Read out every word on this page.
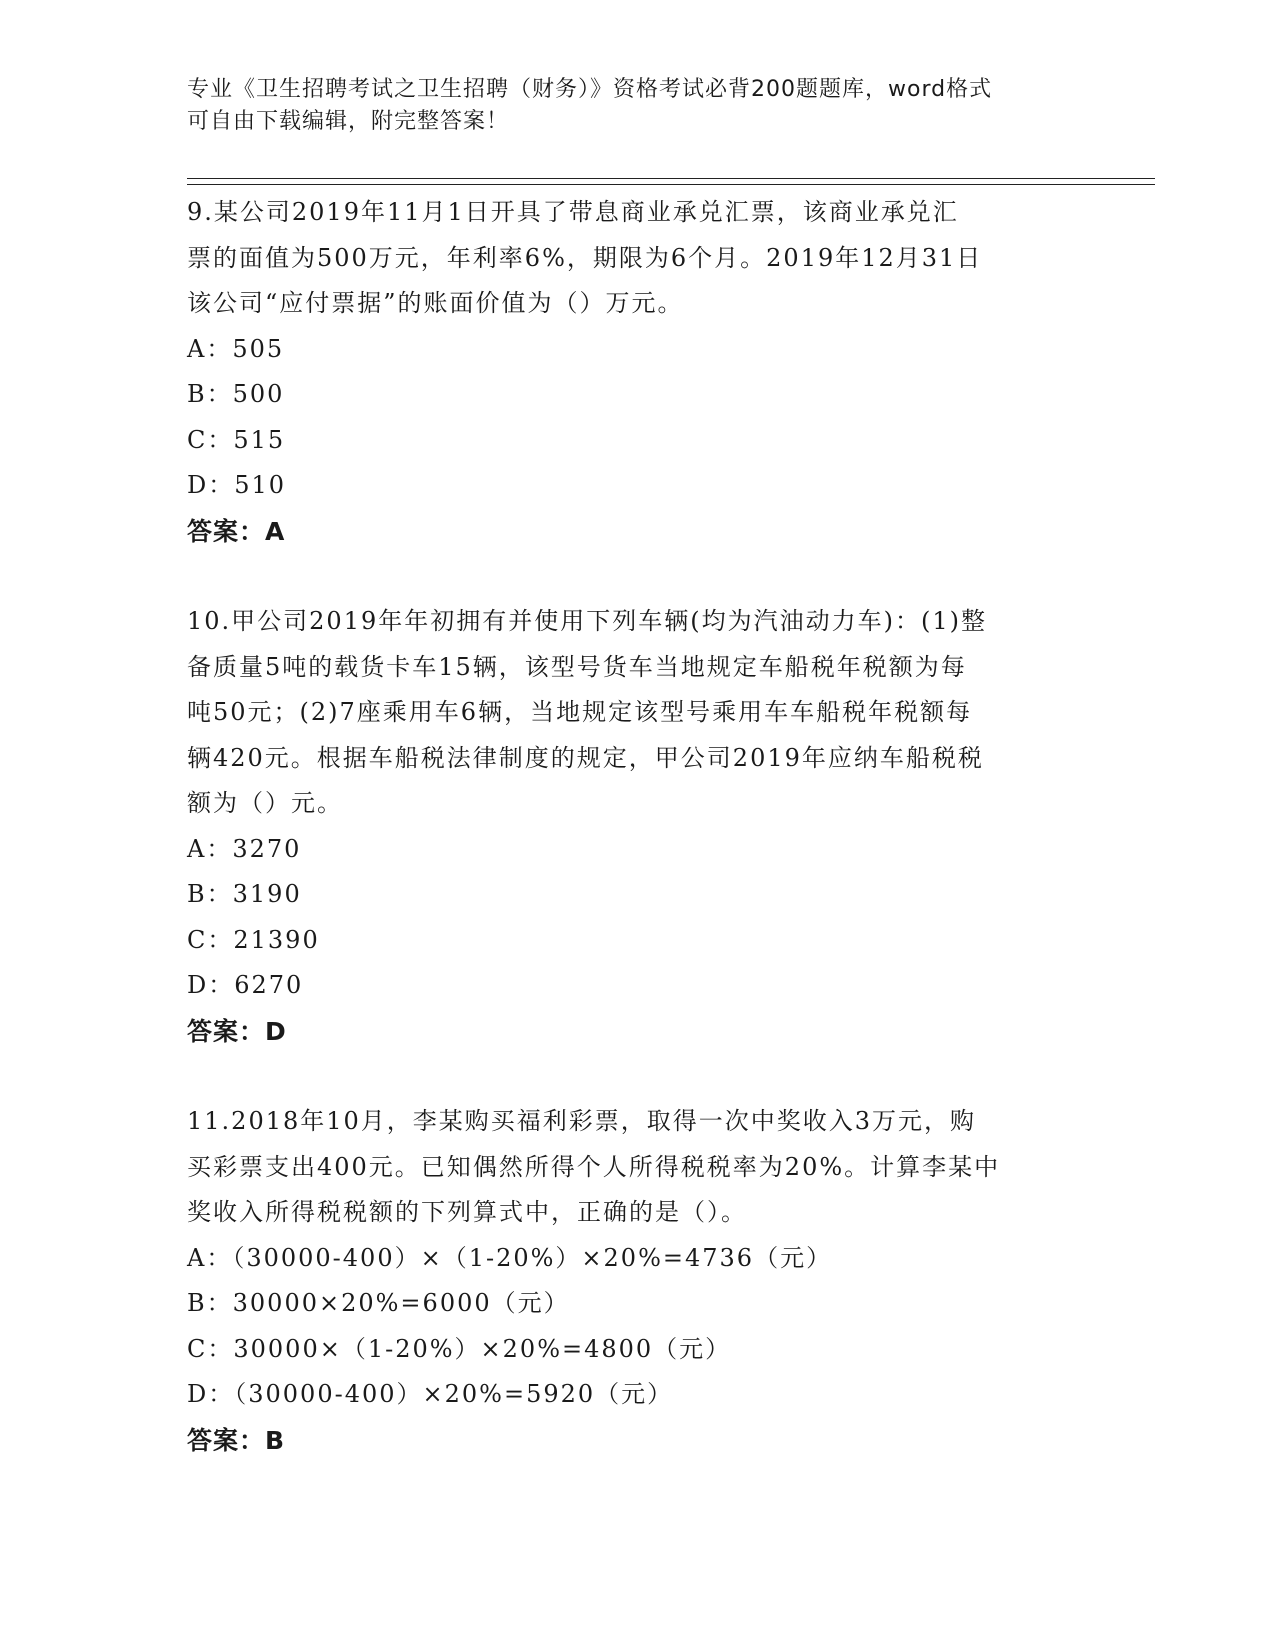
专业《卫生招聘考试之卫生招聘（财务）》资格考试必背200题题库，word格式
可自由下载编辑，附完整答案！
9.某公司2019年11月1日开具了带息商业承兑汇票，该商业承兑汇
票的面值为500万元，年利率6%，期限为6个月。2019年12月31日
该公司“应付票据”的账面价值为（）万元。
A：505
B：500
C：515
D：510
答案：A
10.甲公司2019年年初拥有并使用下列车辆(均为汽油动力车)：(1)整
备质量5吨的载货卡车15辆，该型号货车当地规定车船税年税额为每
吨50元；(2)7座乘用车6辆，当地规定该型号乘用车车船税年税额每
辆420元。根据车船税法律制度的规定，甲公司2019年应纳车船税税
额为（）元。
A：3270
B：3190
C：21390
D：6270
答案：D
11.2018年10月，李某购买福利彩票，取得一次中奖收入3万元，购
买彩票支出400元。已知偶然所得个人所得税税率为20%。计算李某中
奖收入所得税税额的下列算式中，正确的是（）。
A：（30000-400）×（1-20%）×20%=4736（元）
B：30000×20%=6000（元）
C：30000×（1-20%）×20%=4800（元）
D：（30000-400）×20%=5920（元）
答案：B
